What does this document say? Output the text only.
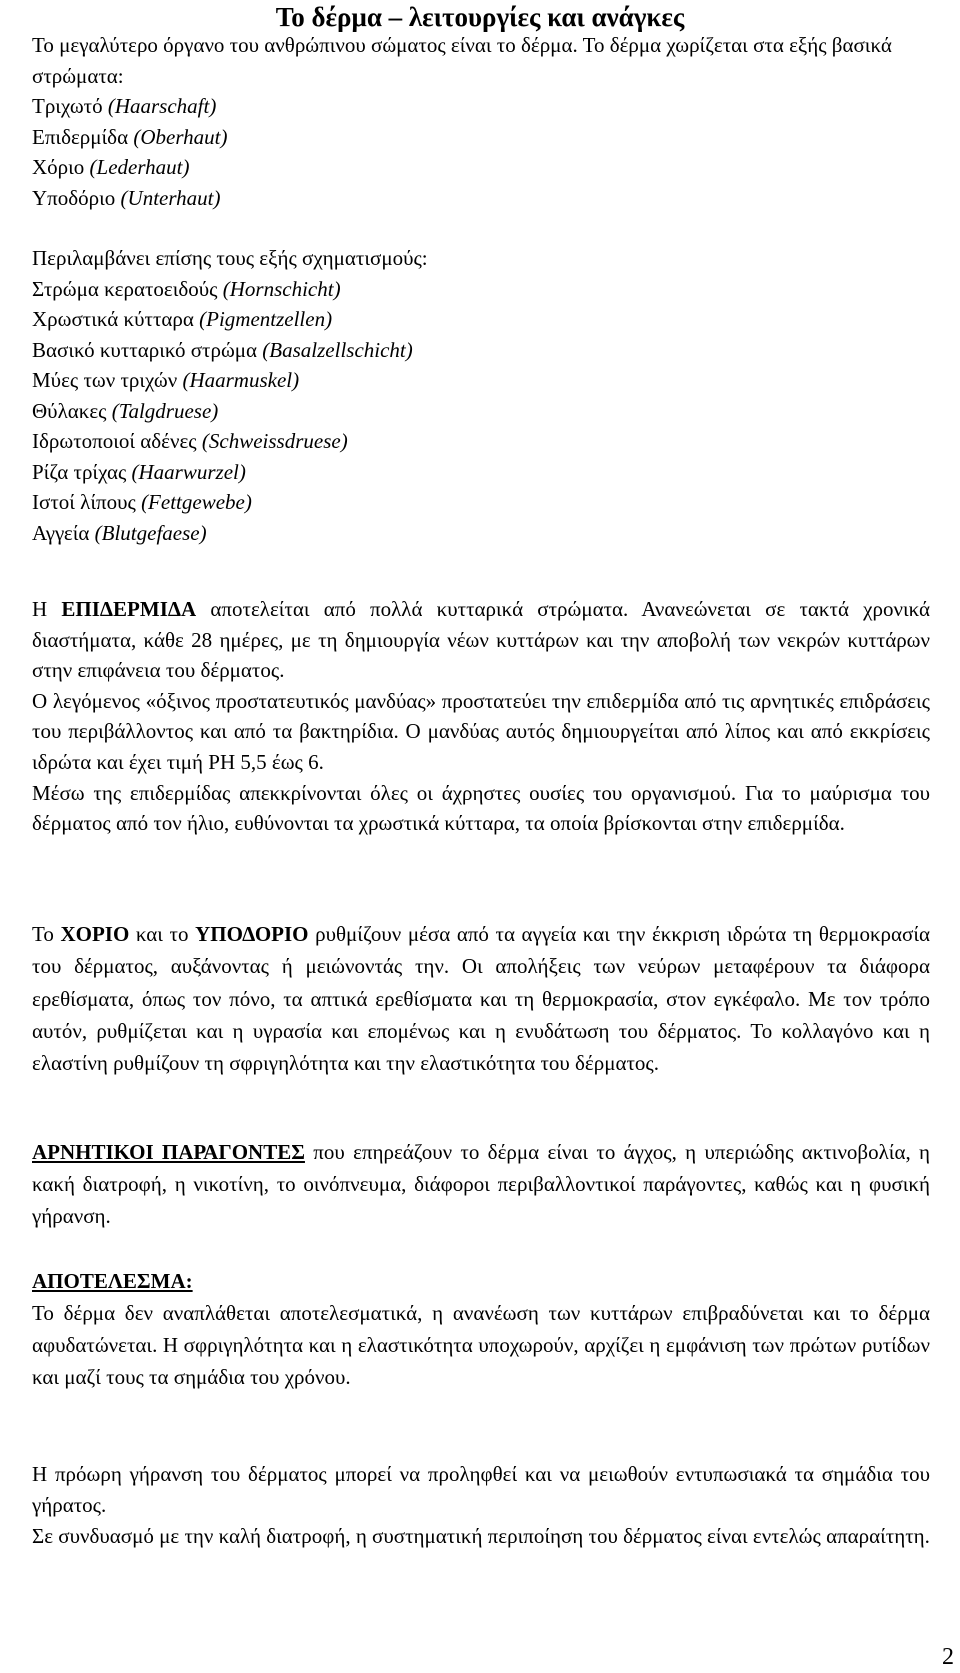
Το δέρμα – λειτουργίες και ανάγκες
Το μεγαλύτερο όργανο του ανθρώπινου σώματος είναι το δέρμα. Το δέρμα χωρίζεται στα εξής βασικά στρώματα:
Τριχωτό (Haarschaft)
Επιδερμίδα (Oberhaut)
Χόριο (Lederhaut)
Υποδόριο (Unterhaut)
Περιλαμβάνει επίσης τους εξής σχηματισμούς:
Στρώμα κερατοειδούς (Hornschicht)
Χρωστικά κύτταρα (Pigmentzellen)
Βασικό κυτταρικό στρώμα (Basalzellschicht)
Μύες των τριχών (Haarmuskel)
Θύλακες (Talgdruese)
Ιδρωτοποιοί αδένες (Schweissdruese)
Ρίζα τρίχας (Haarwurzel)
Ιστοί λίπους (Fettgewebe)
Αγγεία (Blutgefaese)
Η ΕΠΙΔΕΡΜΙΔΑ αποτελείται από πολλά κυτταρικά στρώματα. Ανανεώνεται σε τακτά χρονικά διαστήματα, κάθε 28 ημέρες, με τη δημιουργία νέων κυττάρων και την αποβολή των νεκρών κυττάρων στην επιφάνεια του δέρματος.
Ο λεγόμενος «όξινος προστατευτικός μανδύας» προστατεύει την επιδερμίδα από τις αρνητικές επιδράσεις του περιβάλλοντος και από τα βακτηρίδια. Ο μανδύας αυτός δημιουργείται από λίπος και από εκκρίσεις ιδρώτα και έχει τιμή PH 5,5 έως 6.
Μέσω της επιδερμίδας απεκκρίνονται όλες οι άχρηστες ουσίες του οργανισμού. Για το μαύρισμα του δέρματος από τον ήλιο, ευθύνονται τα χρωστικά κύτταρα, τα οποία βρίσκονται στην επιδερμίδα.
Το ΧΟΡΙΟ και το ΥΠΟΔΟΡΙΟ ρυθμίζουν μέσα από τα αγγεία και την έκκριση ιδρώτα τη θερμοκρασία του δέρματος, αυξάνοντας ή μειώνοντάς την. Οι απολήξεις των νεύρων μεταφέρουν τα διάφορα ερεθίσματα, όπως τον πόνο, τα απτικά ερεθίσματα και τη θερμοκρασία, στον εγκέφαλο. Με τον τρόπο αυτόν, ρυθμίζεται και η υγρασία και επομένως και η ενυδάτωση του δέρματος. Το κολλαγόνο και η ελαστίνη ρυθμίζουν τη σφριγηλότητα και την ελαστικότητα του δέρματος.
ΑΡΝΗΤΙΚΟΙ ΠΑΡΑΓΟΝΤΕΣ που επηρεάζουν το δέρμα είναι το άγχος, η υπεριώδης ακτινοβολία, η κακή διατροφή, η νικοτίνη, το οινόπνευμα, διάφοροι περιβαλλοντικοί παράγοντες, καθώς και η φυσική γήρανση.
ΑΠΟΤΕΛΕΣΜΑ:
Το δέρμα δεν αναπλάθεται αποτελεσματικά, η ανανέωση των κυττάρων επιβραδύνεται και το δέρμα αφυδατώνεται. Η σφριγηλότητα και η ελαστικότητα υποχωρούν, αρχίζει η εμφάνιση των πρώτων ρυτίδων και μαζί τους τα σημάδια του χρόνου.
Η πρόωρη γήρανση του δέρματος μπορεί να προληφθεί και να μειωθούν εντυπωσιακά τα σημάδια του γήρατος.
Σε συνδυασμό με την καλή διατροφή, η συστηματική περιποίηση του δέρματος είναι εντελώς απαραίτητη.
2
